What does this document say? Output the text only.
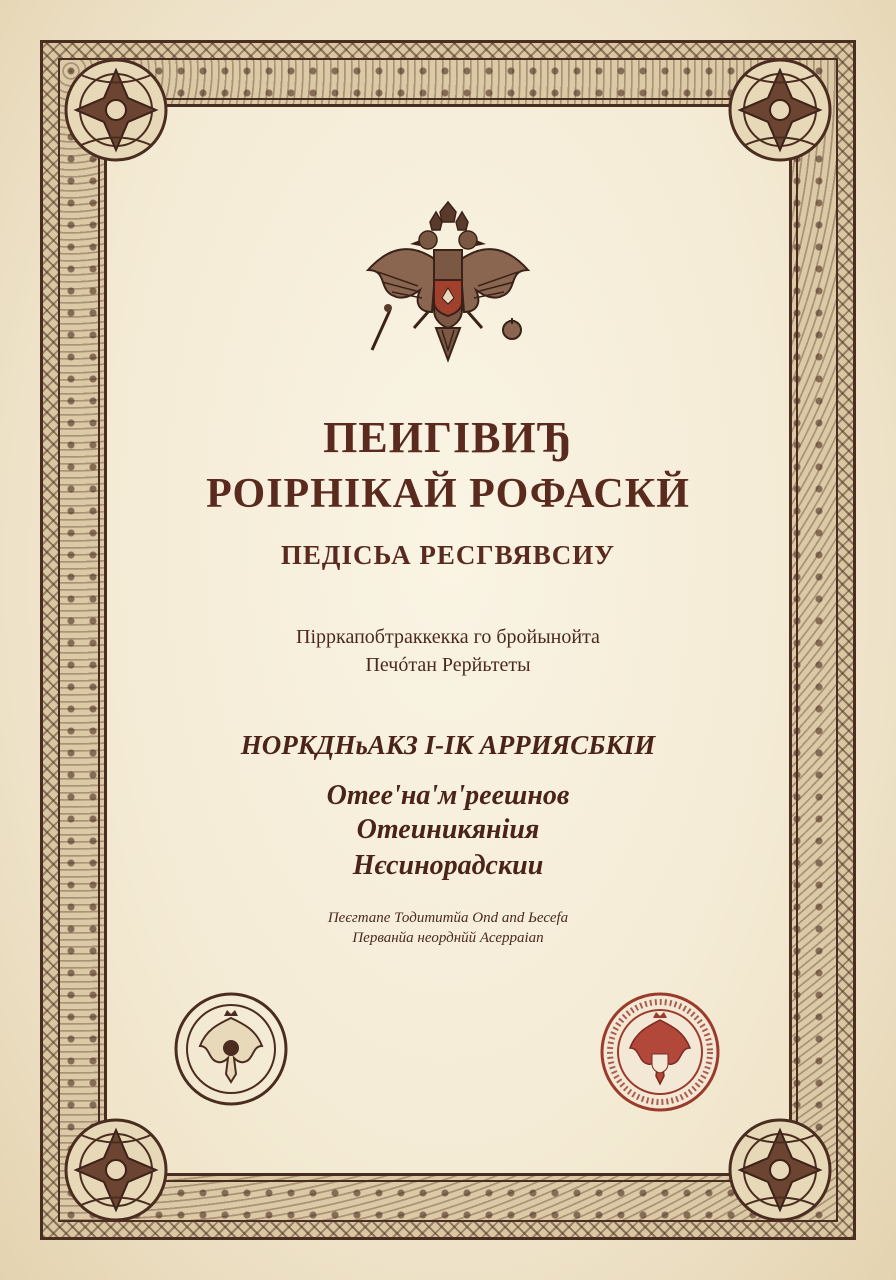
ПЕИГІВИЂ
РОІРНІКАЙ РОФАСКЙ
ПЕДІСЬА РЕСГВЯВСИУ
Пірркапобтраккекка го бройынойта
Печóтан Рерйьтеты
НОРКДНьАКЗ І-ІК АРРИЯСБКІИ
Отее'на'м'реешнов
Отеиникяніия
Нєсинорадскии
Пеєгтапе Тодититйа Ond and Ьесеfа
Перванйа неорднйй Асерраіап
